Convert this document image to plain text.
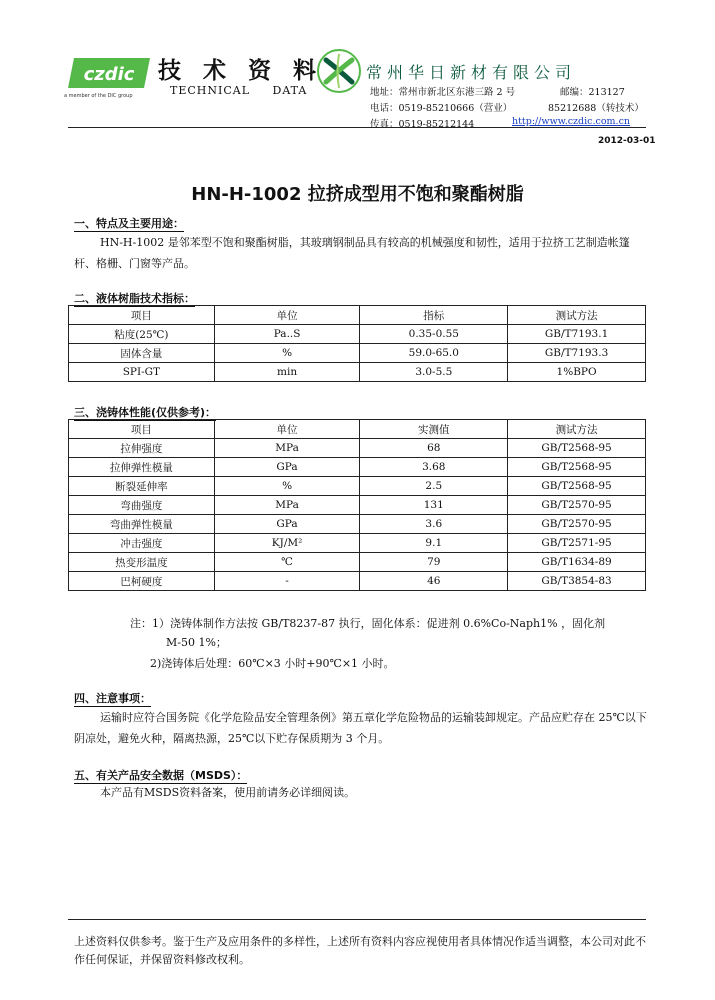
czdic
a member of the DIC group
技 术 资 料
TECHNICAL DATA
常州华日新材有限公司
地址：常州市新北区东港三路 2 号	邮编：213127
电话：0519-85210666（营业）	85212688（转技术）
传真：0519-85212144	http://www.czdic.com.cn
2012-03-01
HN-H-1002 拉挤成型用不饱和聚酯树脂
一、特点及主要用途：
HN-H-1002 是邻苯型不饱和聚酯树脂，其玻璃钢制品具有较高的机械强度和韧性，适用于拉挤工艺制造帐篷杆、格栅、门窗等产品。
二、液体树脂技术指标：
项目	单位	指标	测试方法
粘度(25℃)	Pa..S	0.35-0.55	GB/T7193.1
固体含量	%	59.0-65.0	GB/T7193.3
SPI-GT	min	3.0-5.5	1%BPO
三、浇铸体性能(仅供参考)：
项目	单位	实测值	测试方法
拉伸强度	MPa	68	GB/T2568-95
拉伸弹性模量	GPa	3.68	GB/T2568-95
断裂延伸率	%	2.5	GB/T2568-95
弯曲强度	MPa	131	GB/T2570-95
弯曲弹性模量	GPa	3.6	GB/T2570-95
冲击强度	KJ/M²	9.1	GB/T2571-95
热变形温度	℃	79	GB/T1634-89
巴柯硬度	-	46	GB/T3854-83
注：1）浇铸体制作方法按 GB/T8237-87 执行，固化体系：促进剂 0.6%Co-Naph1% ，固化剂
M-50 1%；
2)浇铸体后处理：60℃×3 小时+90℃×1 小时。
四、注意事项：
运输时应符合国务院《化学危险品安全管理条例》第五章化学危险物品的运输装卸规定。产品应贮存在 25℃以下阴凉处，避免火种，隔离热源，25℃以下贮存保质期为 3 个月。
五、有关产品安全数据（MSDS）：
本产品有MSDS资料备案，使用前请务必详细阅读。
上述资料仅供参考。鉴于生产及应用条件的多样性，上述所有资料内容应视使用者具体情况作适当调整，本公司对此不作任何保证，并保留资料修改权利。
